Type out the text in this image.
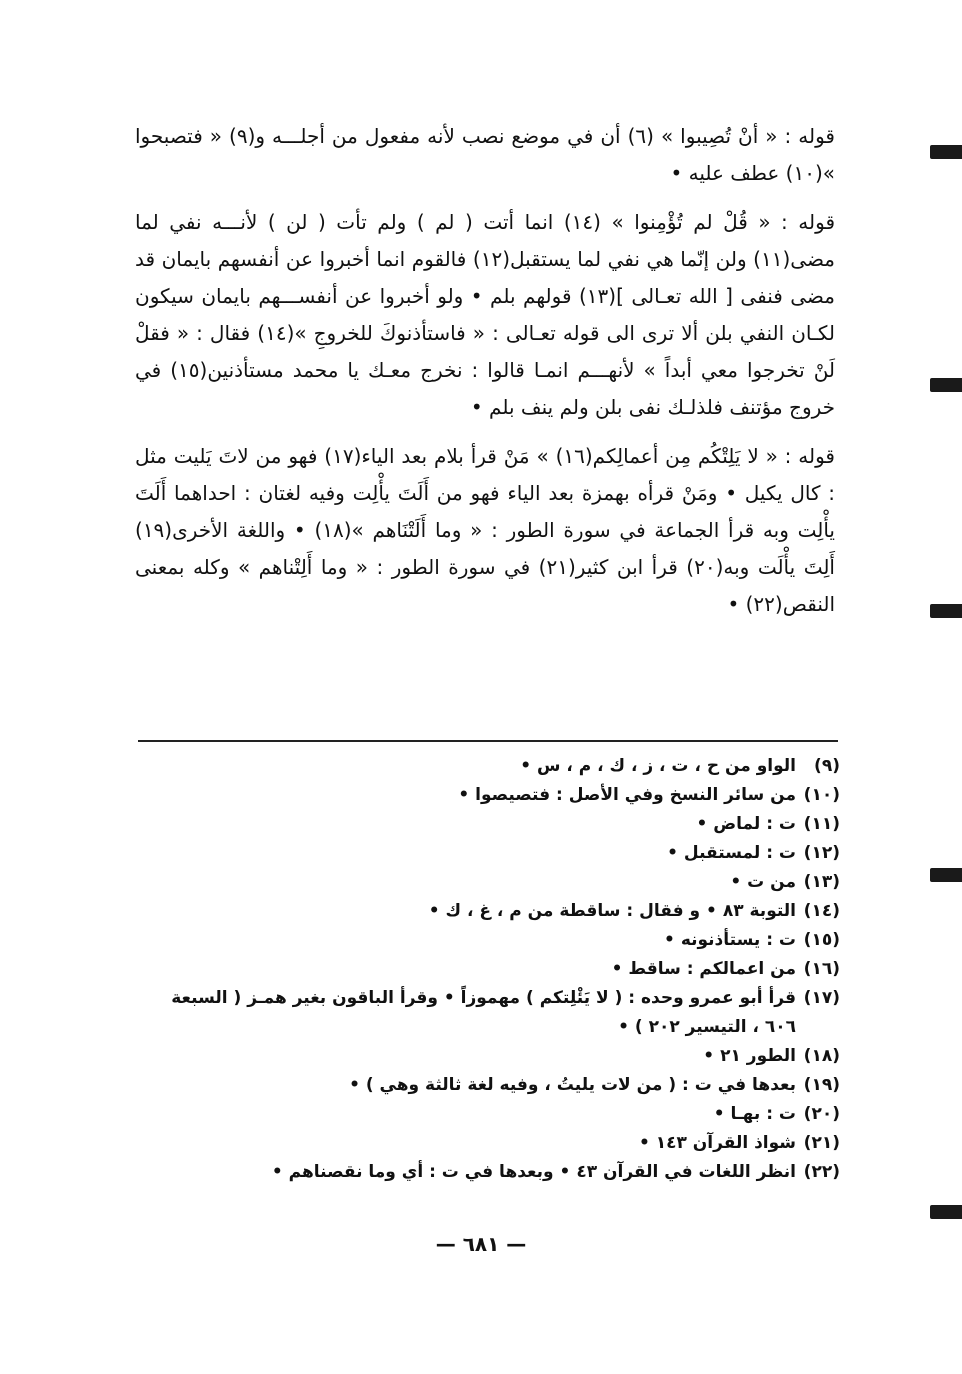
قوله : « أنْ تُصِيبوا » (٦) أن في موضع نصب لأنه مفعول من أجلـــه و(٩) « فتصبحوا »(١٠) عطف عليه •

قوله : « قُلْ لم تُؤْمِنوا » (١٤) انما أتت ( لم ) ولم تأت ( لن ) لأنـــه نفي لما مضى(١١) ولن إنّما هي نفي لما يستقبل(١٢) فالقوم انما أخبروا عن أنفسهم بايمان قد مضى فنفى [ الله تعـالى ](١٣) قولهم بلم • ولو أخبروا عن أنفســـهم بايمان سيكون لكـان النفي بلن ألا ترى الى قوله تعـالى : « فاستأذنوكَ للخروجِ »(١٤) فقال : « فقلْ لَنْ تخرجوا معي أبداً » لأنهـــم انمـا قالوا : نخرج معـك يا محمد مستأذنين(١٥) في خروج مؤتنف فلذلـك نفى بلن ولم ينف بلم •

قوله : « لا يَلِتْكُم مِن أعمالِكم(١٦) » مَنْ قرأ بلام بعد الياء(١٧) فهو من لاتَ يَليت مثل : كال يكيل • ومَنْ قرأه بهمزة بعد الياء فهو من أَلَتَ يأْلِت وفيه لغتان : احداهما أَلَتَ يأْلِت وبه قرأ الجماعة في سورة الطور : « وما أَلَتْنَاهم »(١٨) • واللغة الأخرى(١٩) أَلِتَ يأْلَت وبه(٢٠) قرأ ابن كثير(٢١) في سورة الطور : « وما أَلِتْناهم » وكله بمعنى النقص(٢٢) •

(٩)
الواو من ح ، ت ، ز ، ك ، م ، س •
(١٠)
من سائر النسخ وفي الأصل : فتصيصوا •
(١١)
ت : لماض •
(١٢)
ت : لمستقبل •
(١٣)
من ت •
(١٤)
التوبة ٨٣ • و فقال : ساقطة من م ، غ ، ك •
(١٥)
ت : يستأذنونه •
(١٦)
من اعمالكم : ساقط •
(١٧)
قرأ أبو عمرو وحده : ( لا يَئْلِتكم ) مهموزاً • وقرأ الباقون بغير همـز ( السبعة ٦٠٦ ، التيسير ٢٠٢ ) •
(١٨)
الطور ٢١ •
(١٩)
بعدها في ت : ( من لات يليتُ ، وفيه لغة ثالثة وهي ) •
(٢٠)
ت : بهـا •
(٢١)
شواذ القرآن ١٤٣ •
(٢٢)
انظر اللغات في القرآن ٤٣ • وبعدها في ت : أي وما نقصناهم •
— ٦٨١ —
